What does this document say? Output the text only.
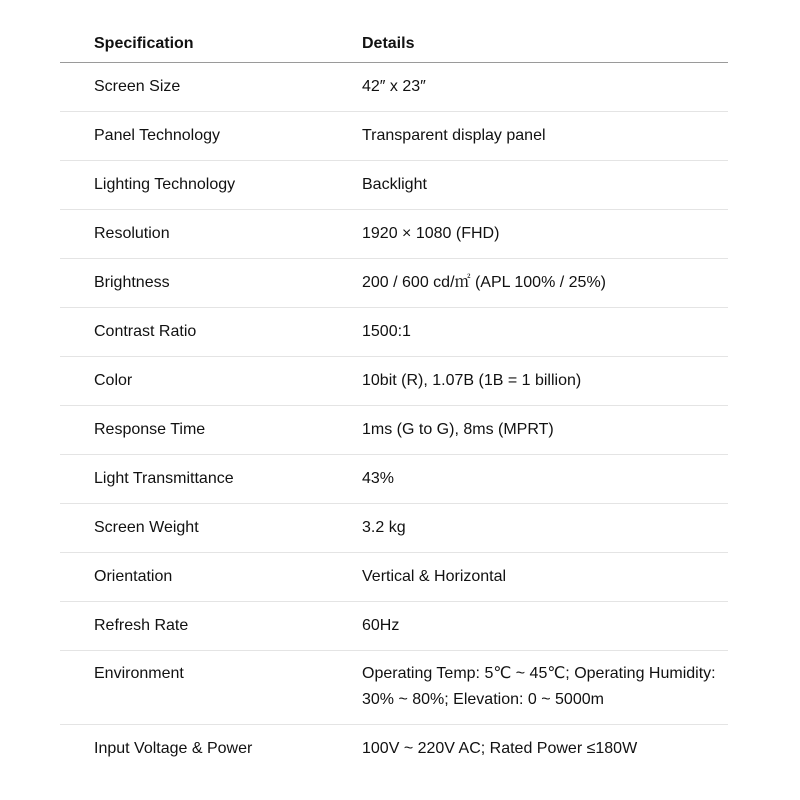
Specification	Details
Screen Size	42″ x 23″
Panel Technology	Transparent display panel
Lighting Technology	Backlight
Resolution	1920 × 1080 (FHD)
Brightness	200 / 600 cd/㎡ (APL 100% / 25%)
Contrast Ratio	1500:1
Color	10bit (R), 1.07B (1B = 1 billion)
Response Time	1ms (G to G), 8ms (MPRT)
Light Transmittance	43%
Screen Weight	3.2 kg
Orientation	Vertical & Horizontal
Refresh Rate	60Hz
Environment	Operating Temp: 5℃ ~ 45℃; Operating Humidity: 30% ~ 80%; Elevation: 0 ~ 5000m
Input Voltage & Power	100V ~ 220V AC; Rated Power ≤180W
